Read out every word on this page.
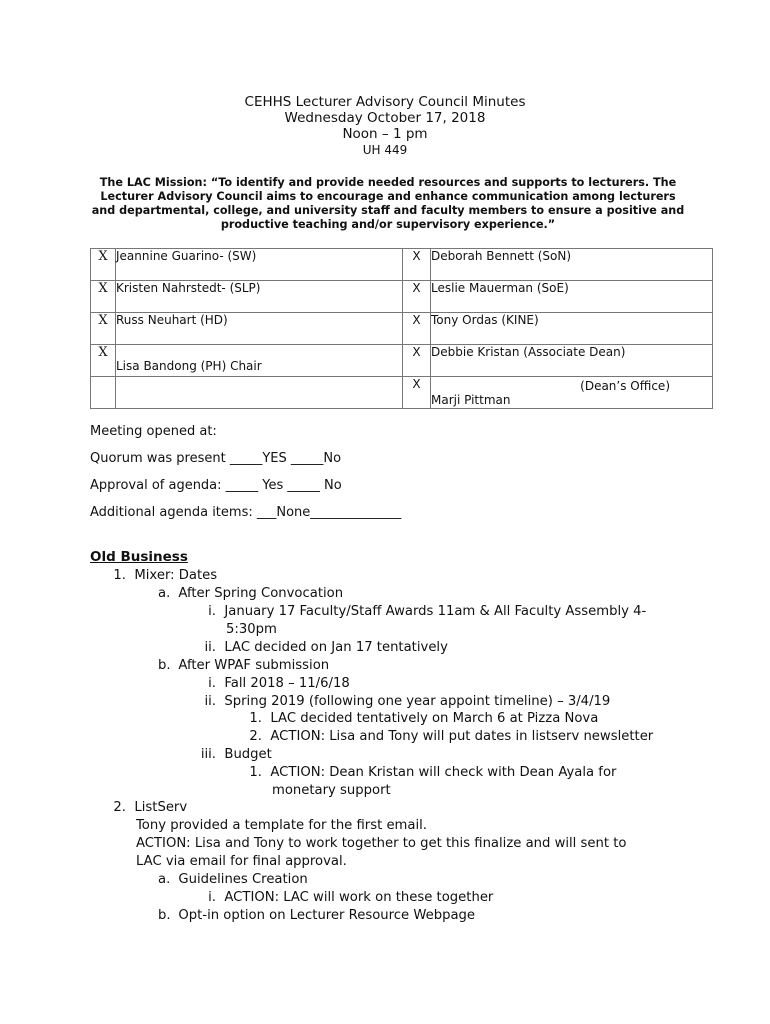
CEHHS Lecturer Advisory Council Minutes
Wednesday October 17, 2018
Noon – 1 pm
UH 449
The LAC Mission: “To identify and provide needed resources and supports to lecturers. The Lecturer Advisory Council aims to encourage and enhance communication among lecturers and departmental, college, and university staff and faculty members to ensure a positive and productive teaching and/or supervisory experience.”
X	Jeannine Guarino- (SW)	X	Deborah Bennett (SoN)
X	Kristen Nahrstedt- (SLP)	X	Leslie Mauerman (SoE)
X	Russ Neuhart (HD)	X	Tony Ordas (KINE)
X	Lisa Bandong (PH) Chair	X	Debbie Kristan (Associate Dean)
		X	(Dean’s Office)
Marji Pittman
Meeting opened at:
Quorum was present _____YES _____No
Approval of agenda: _____ Yes _____ No
Additional agenda items: ___None______________
Old Business
1. Mixer: Dates
a. After Spring Convocation
i. January 17 Faculty/Staff Awards 11am & All Faculty Assembly 4-
5:30pm
ii. LAC decided on Jan 17 tentatively
b. After WPAF submission
i. Fall 2018 – 11/6/18
ii. Spring 2019 (following one year appoint timeline) – 3/4/19
1. LAC decided tentatively on March 6 at Pizza Nova
2. ACTION: Lisa and Tony will put dates in listserv newsletter
iii. Budget
1. ACTION: Dean Kristan will check with Dean Ayala for
monetary support
2. ListServ
Tony provided a template for the first email.
ACTION: Lisa and Tony to work together to get this finalize and will sent to
LAC via email for final approval.
a. Guidelines Creation
i. ACTION: LAC will work on these together
b. Opt-in option on Lecturer Resource Webpage
